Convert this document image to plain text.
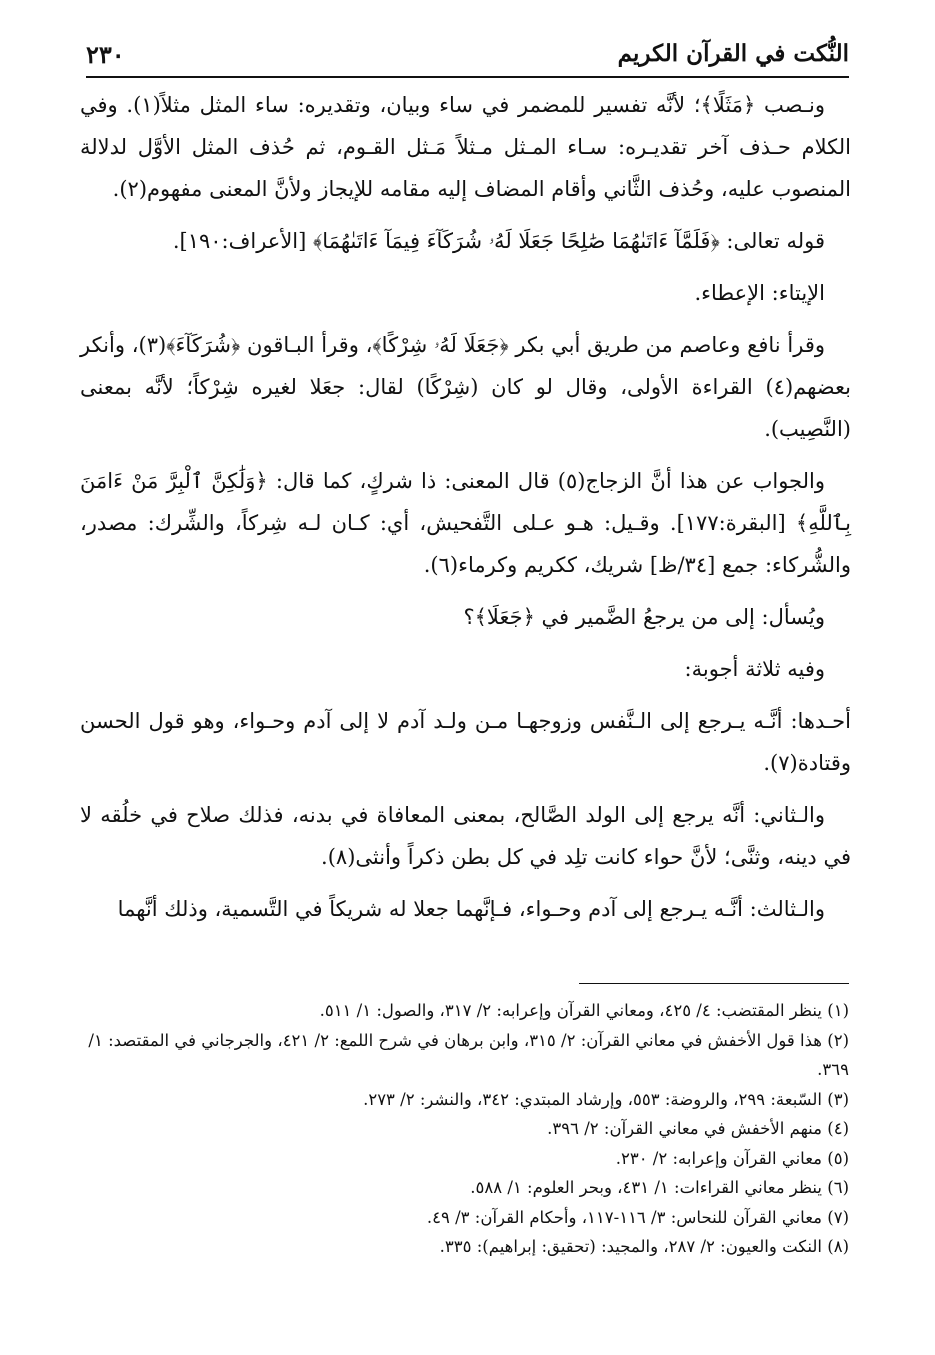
النُّكت في القرآن الكريم
٢٣٠

ونـصب ﴿مَثَلًا﴾؛ لأنَّه تفسير للمضمر في ساء وبيان، وتقديره: ساء المثل مثلاً(١). وفي الكلام حـذف آخر تقديـره: سـاء المـثل مـثلاً مَـثل القـوم، ثم حُذف المثل الأوَّل لدلالة المنصوب عليه، وحُذف الثَّاني وأقام المضاف إليه مقامه للإيجاز ولأنَّ المعنى مفهوم(٢).

قوله تعالى: ﴿فَلَمَّآ ءَاتَىٰهُمَا صَٰلِحًا جَعَلَا لَهُۥ شُرَكَآءَ فِيمَآ ءَاتَىٰهُمَا﴾ [الأعراف:١٩٠].

الإيتاء: الإعطاء.

وقرأ نافع وعاصم من طريق أبي بكر ﴿جَعَلَا لَهُۥ شِرْكًا﴾، وقرأ البـاقون ﴿شُرَكَآءَ﴾(٣)، وأنكر بعضهم(٤) القراءة الأولى، وقال لو كان (شِرْكًا) لقال: جعَلا لغيره شِرْكاً؛ لأنَّه بمعنى (النَّصِيب).

والجواب عن هذا أنَّ الزجاج(٥) قال المعنى: ذا شركٍ، كما قال: ﴿وَلَٰكِنَّ ٱلْبِرَّ مَنْ ءَامَنَ بِٱللَّهِ﴾ [البقرة:١٧٧]. وقـيل: هـو عـلى التَّفحيش، أي: كـان لـه شِركاً، والشِّرك: مصدر، والشُّركاء: جمع [٣٤/ظ] شريك، ككريم وكرماء(٦).

ويُسأل: إلى من يرجعُ الضَّمير في ﴿جَعَلَا﴾؟

وفيه ثلاثة أجوبة:

أحـدها: أنَّـه يـرجع إلى الـنَّفس وزوجهـا مـن ولـد آدم لا إلى آدم وحـواء، وهو قول الحسن وقتادة(٧).

والـثاني: أنَّه يرجع إلى الولد الصَّالح، بمعنى المعافاة في بدنه، فذلك صلاح في خلُقه لا في دينه، وثنَّى؛ لأنَّ حواء كانت تلِد في كل بطن ذكراً وأنثى(٨).

والـثالث: أنَّـه يـرجع إلى آدم وحـواء، فـإنَّهما جعلا له شريكاً في التَّسمية، وذلك أنَّهما

(١) ينظر المقتضب: ٤/ ٤٢٥، ومعاني القرآن وإعرابه: ٢/ ٣١٧، والصول: ١/ ٥١١.

(٢) هذا قول الأخفش في معاني القرآن: ٢/ ٣١٥، وابن برهان في شرح اللمع: ٢/ ٤٢١، والجرجاني في المقتصد: ١/ ٣٦٩.

(٣) السّبعة: ٢٩٩، والروضة: ٥٥٣، وإرشاد المبتدي: ٣٤٢، والنشر: ٢/ ٢٧٣.

(٤) منهم الأخفش في معاني القرآن: ٢/ ٣٩٦.

(٥) معاني القرآن وإعرابه: ٢/ ٢٣٠.

(٦) ينظر معاني القراءات: ١/ ٤٣١، وبحر العلوم: ١/ ٥٨٨.

(٧) معاني القرآن للنحاس: ٣/ ١١٦-١١٧، وأحكام القرآن: ٣/ ٤٩.

(٨) النكت والعيون: ٢/ ٢٨٧، والمجيد: (تحقيق: إبراهيم): ٣٣٥.
